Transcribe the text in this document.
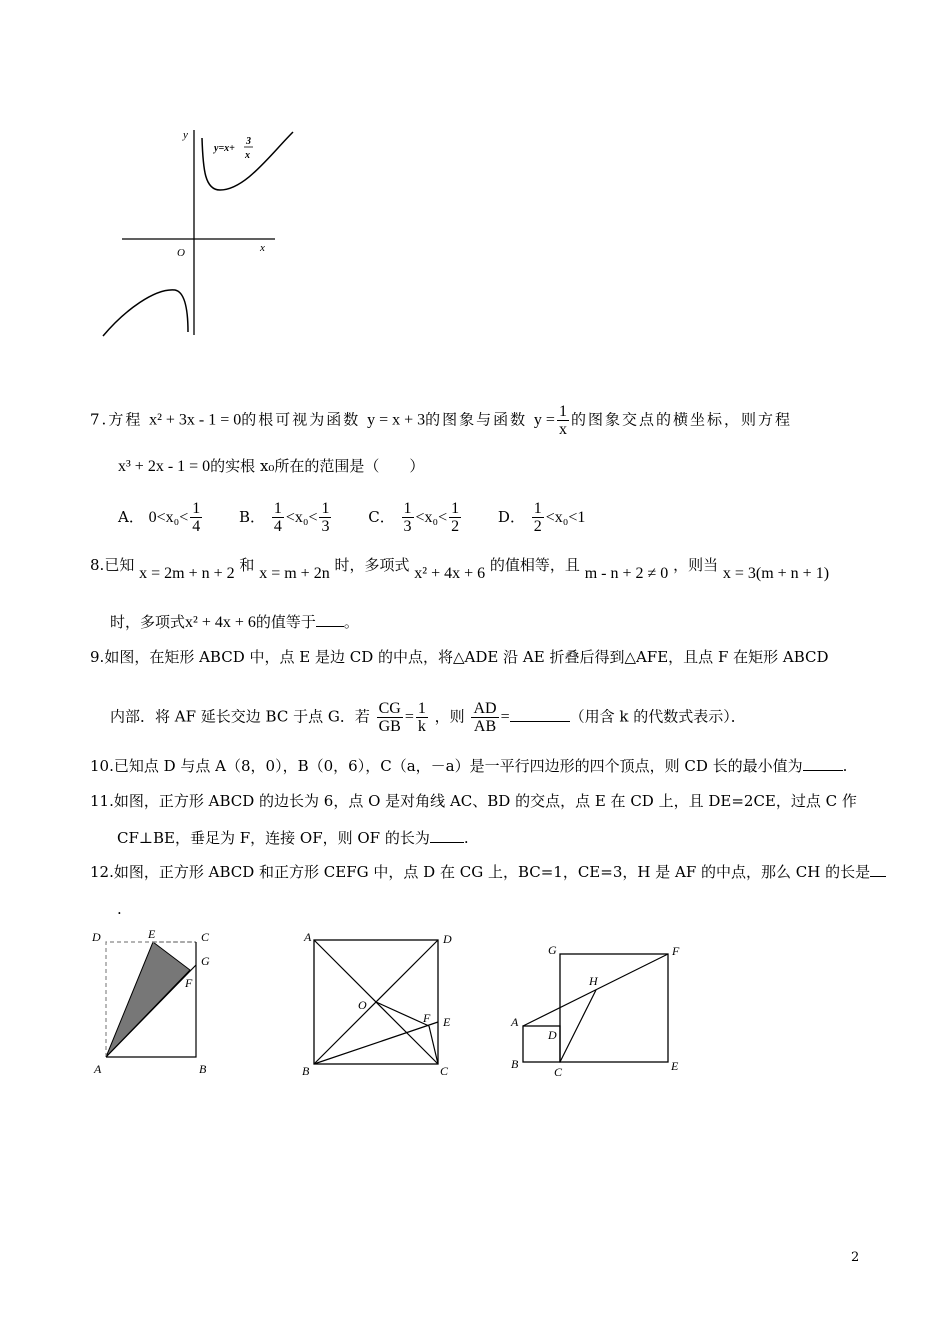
y
x
O
y=x+
3
x
7.方程 x² + 3x - 1 = 0的根可视为函数 y = x + 3的图象与函数 $y = \frac{1}{x}$ 的图象交点的横坐标，则方程
x³ + 2x - 1 = 0的实根 x₀所在的范围是（　　）
A． $0<x_0< \frac{1}{4}$ B． $\frac{1}{4} <x_0< \frac{1}{3}$ C． $\frac{1}{3} <x_0< \frac{1}{2}$ D． $\frac{1}{2} <x_0<1$
8.已知 x = 2m + n + 2 和 x = m + 2n 时，多项式 x² + 4x + 6 的值相等，且 m - n + 2 ≠ 0 ，则当 x = 3(m + n + 1)
时，多项式x² + 4x + 6的值等于 。
9.如图，在矩形 ABCD 中，点 E 是边 CD 的中点，将△ADE 沿 AE 折叠后得到△AFE，且点 F 在矩形 ABCD
内部．将 AF 延长交边 BC 于点 G．若 $\frac{CG}{GB} = \frac{1}{k}$ ，则 $\frac{AD}{AB}$ =	（用含 k 的代数式表示）．
10.已知点 D 与点 A（8，0），B（0，6），C（a，－a）是一平行四边形的四个顶点，则 CD 长的最小值为	.
11.如图，正方形 ABCD 的边长为 6，点 O 是对角线 AC、BD 的交点，点 E 在 CD 上，且 DE=2CE，过点 C 作
CF⊥BE，垂足为 F，连接 OF，则 OF 的长为 .
12.如图，正方形 ABCD 和正方形 CEFG 中，点 D 在 CG 上，BC=1，CE=3，H 是 AF 的中点，那么 CH 的长是
.
D	E	C
G
F
A	B
A	D
O
F E
B	C
G	F
H
A
D
B
C	E
2
